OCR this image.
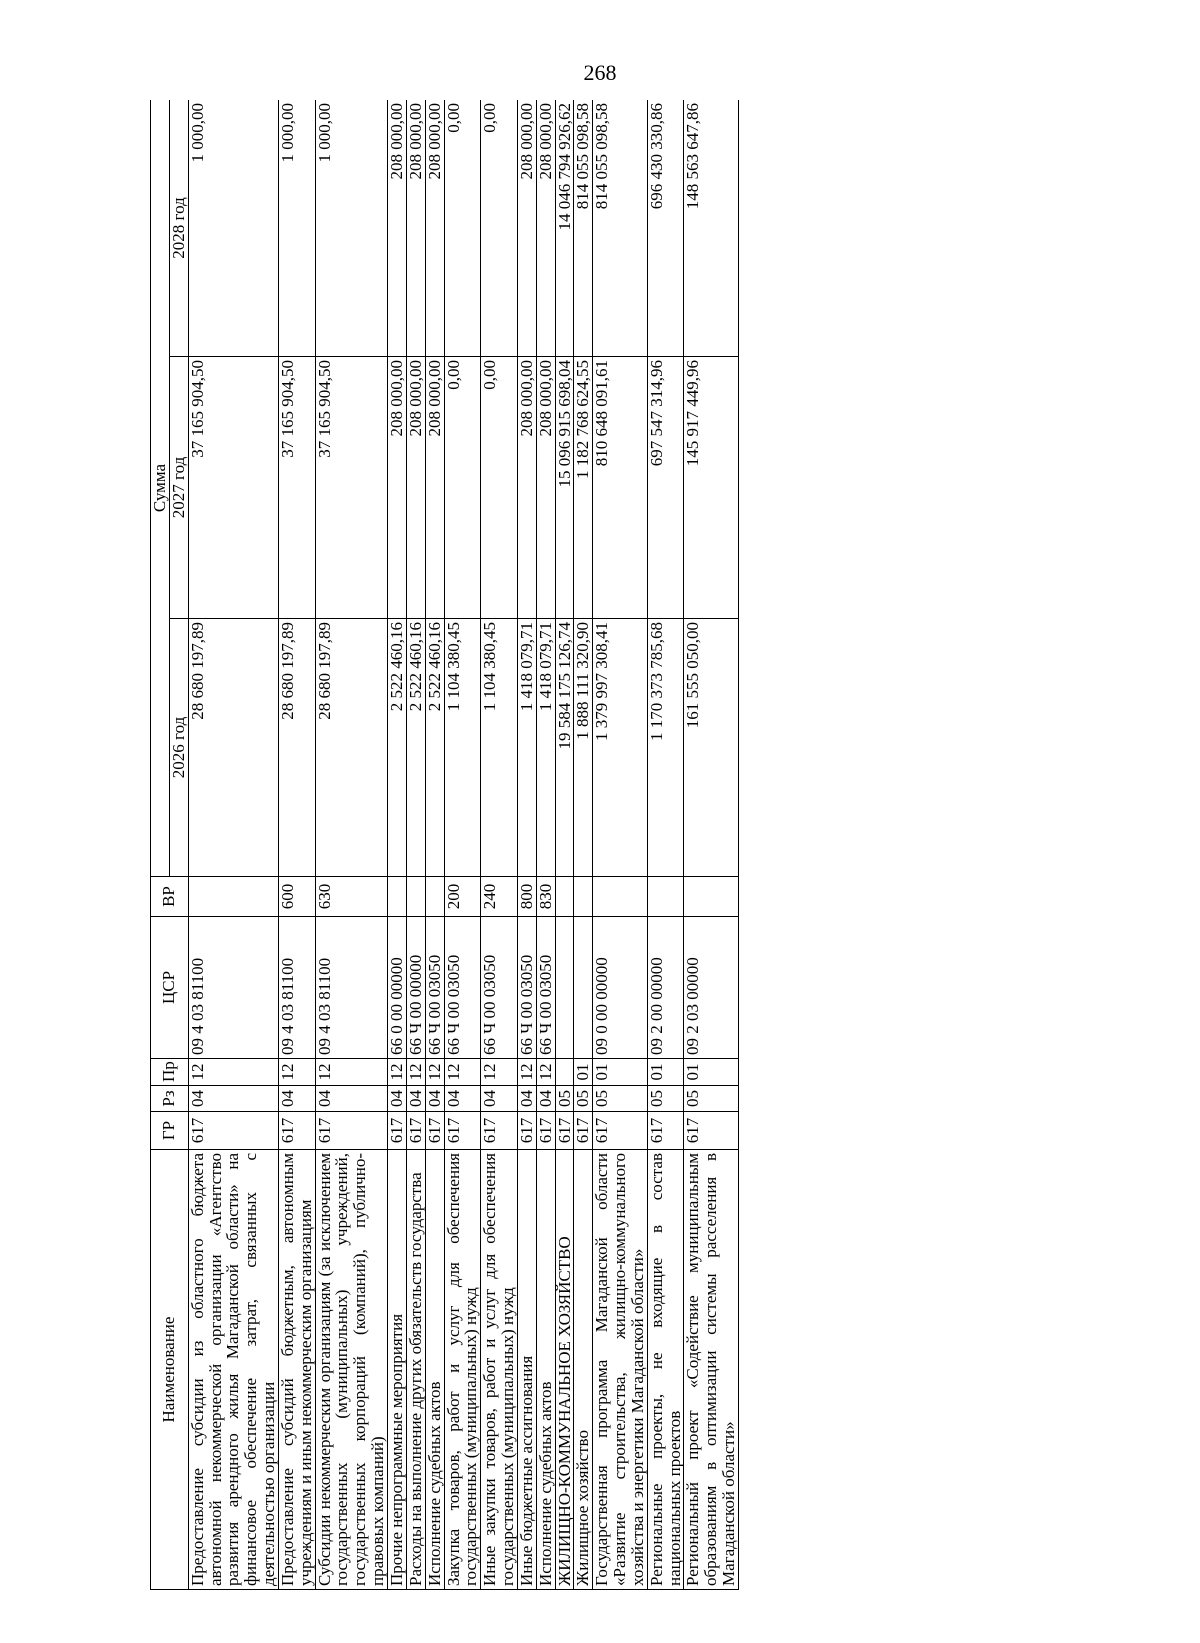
268
Наименование	ГР	Рз	Пр	ЦСР	ВР	Сумма		
						2026 год	2027 год	2028 год
Предоставление субсидии из областного бюджета автономной некоммерческой организации «Агентство развития арендного жилья Магаданской области» на финансовое обеспечение затрат, связанных с деятельностью организации	617	04	12	09 4 03 81100		28 680 197,89	37 165 904,50	1 000,00
Предоставление субсидий бюджетным, автономным учреждениям и иным некоммерческим организациям	617	04	12	09 4 03 81100	600	28 680 197,89	37 165 904,50	1 000,00
Субсидии некоммерческим организациям (за исключением государственных (муниципальных) учреждений, государственных корпораций (компаний), публично-правовых компаний)	617	04	12	09 4 03 81100	630	28 680 197,89	37 165 904,50	1 000,00
Прочие непрограммные мероприятия	617	04	12	66 0 00 00000		2 522 460,16	208 000,00	208 000,00
Расходы на выполнение других обязательств государства	617	04	12	66 Ч 00 00000		2 522 460,16	208 000,00	208 000,00
Исполнение судебных актов	617	04	12	66 Ч 00 03050		2 522 460,16	208 000,00	208 000,00
Закупка товаров, работ и услуг для обеспечения государственных (муниципальных) нужд	617	04	12	66 Ч 00 03050	200	1 104 380,45	0,00	0,00
Иные закупки товаров, работ и услуг для обеспечения государственных (муниципальных) нужд	617	04	12	66 Ч 00 03050	240	1 104 380,45	0,00	0,00
Иные бюджетные ассигнования	617	04	12	66 Ч 00 03050	800	1 418 079,71	208 000,00	208 000,00
Исполнение судебных актов	617	04	12	66 Ч 00 03050	830	1 418 079,71	208 000,00	208 000,00
ЖИЛИЩНО-КОММУНАЛЬНОЕ ХОЗЯЙСТВО	617	05				19 584 175 126,74	15 096 915 698,04	14 046 794 926,62
Жилищное хозяйство	617	05	01			1 888 111 320,90	1 182 768 624,55	814 055 098,58
Государственная программа Магаданской области «Развитие строительства, жилищно-коммунального хозяйства и энергетики Магаданской области»	617	05	01	09 0 00 00000		1 379 997 308,41	810 648 091,61	814 055 098,58
Региональные проекты, не входящие в состав национальных проектов	617	05	01	09 2 00 00000		1 170 373 785,68	697 547 314,96	696 430 330,86
Региональный проект «Содействие муниципальным образованиям в оптимизации системы расселения в Магаданской области»	617	05	01	09 2 03 00000		161 555 050,00	145 917 449,96	148 563 647,86
